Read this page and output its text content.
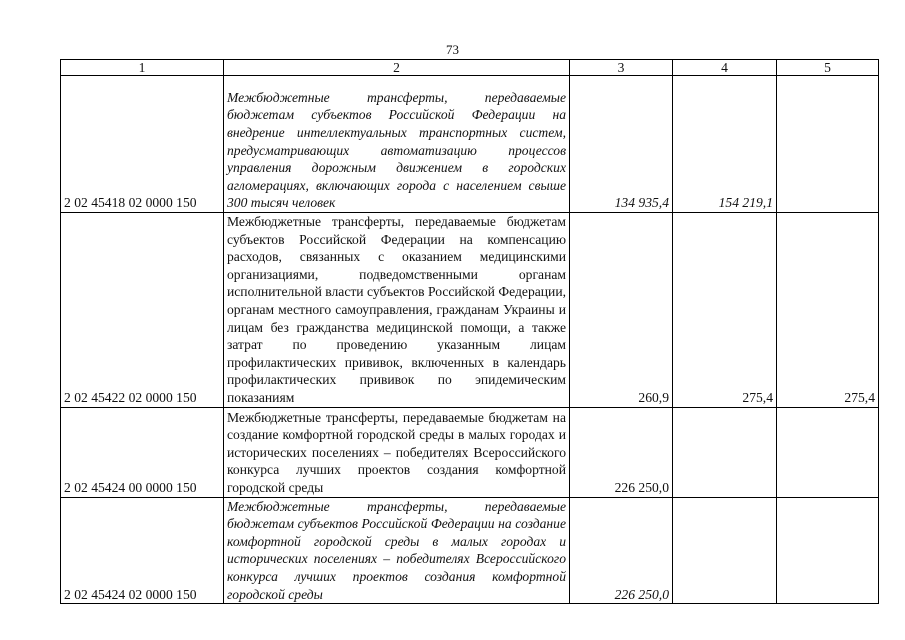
73
1	2	3	4	5
2 02 45418 02 0000 150	Межбюджетные трансферты, передаваемые бюджетам субъектов Российской Федерации на внедрение интеллектуальных транспортных систем, предусматривающих автоматизацию процессов управления дорожным движением в городских агломерациях, включающих города с населением свыше 300 тысяч человек	134 935,4	154 219,1	
2 02 45422 02 0000 150	Межбюджетные трансферты, передаваемые бюджетам субъектов Российской Федерации на компенсацию расходов, связанных с оказанием медицинскими организациями, подведомственными органам исполнительной власти субъектов Российской Федерации, органам местного самоуправления, гражданам Украины и лицам без гражданства медицинской помощи, а также затрат по проведению указанным лицам профилактических прививок, включенных в календарь профилактических прививок по эпидемическим показаниям	260,9	275,4	275,4
2 02 45424 00 0000 150	Межбюджетные трансферты, передаваемые бюджетам на создание комфортной городской среды в малых городах и исторических поселениях – победителях Всероссийского конкурса лучших проектов создания комфортной городской среды	226 250,0		
2 02 45424 02 0000 150	Межбюджетные трансферты, передаваемые бюджетам субъектов Российской Федерации на создание комфортной городской среды в малых городах и исторических поселениях – победителях Всероссийского конкурса лучших проектов создания комфортной городской среды	226 250,0		
